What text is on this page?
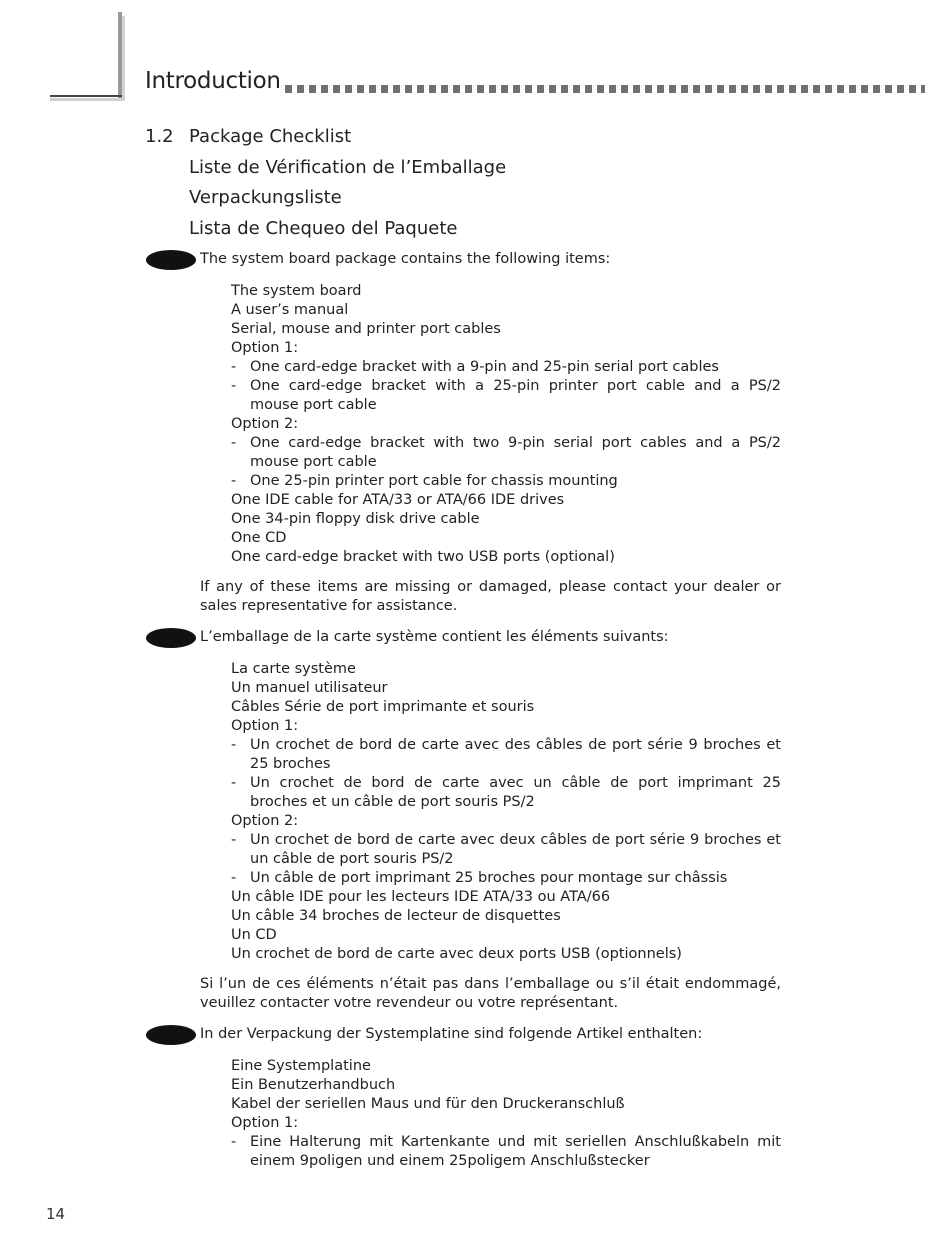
Introduction
1.2 Package Checklist
Liste de Vérification de l’Emballage
Verpackungsliste
Lista de Chequeo del Paquete
The system board package contains the following items:
The system board
A user’s manual
Serial, mouse and printer port cables
Option 1:
- One card-edge bracket with a 9-pin and 25-pin serial port cables
- One card-edge bracket with a 25-pin printer port cable and a PS/2 mouse port cable
Option 2:
- One card-edge bracket with two 9-pin serial port cables and a PS/2 mouse port cable
- One 25-pin printer port cable for chassis mounting
One IDE cable for ATA/33 or ATA/66 IDE drives
One 34-pin floppy disk drive cable
One CD
One card-edge bracket with two USB ports (optional)
If any of these items are missing or damaged, please contact your dealer or sales representative for assistance.
L’emballage de la carte système contient les éléments suivants:
La carte système
Un manuel utilisateur
Câbles Série de port imprimante et souris
Option 1:
- Un crochet de bord de carte avec des câbles de port série 9 broches et 25 broches
- Un crochet de bord de carte avec un câble de port imprimant 25 broches et un câble de port souris PS/2
Option 2:
- Un crochet de bord de carte avec deux câbles de port série 9 broches et un câble de port souris PS/2
- Un câble de port imprimant 25 broches pour montage sur châssis
Un câble IDE pour les lecteurs IDE ATA/33 ou ATA/66
Un câble 34 broches de lecteur de disquettes
Un CD
Un crochet de bord de carte avec deux ports USB (optionnels)
Si l’un de ces éléments n’était pas dans l’emballage ou s’il était endommagé, veuillez contacter votre revendeur ou votre représentant.
In der Verpackung der Systemplatine sind folgende Artikel enthalten:
Eine Systemplatine
Ein Benutzerhandbuch
Kabel der seriellen Maus und für den Druckeranschluß
Option 1:
- Eine Halterung mit Kartenkante und mit seriellen Anschlußkabeln mit einem 9poligen und einem 25poligem Anschlußstecker
14
